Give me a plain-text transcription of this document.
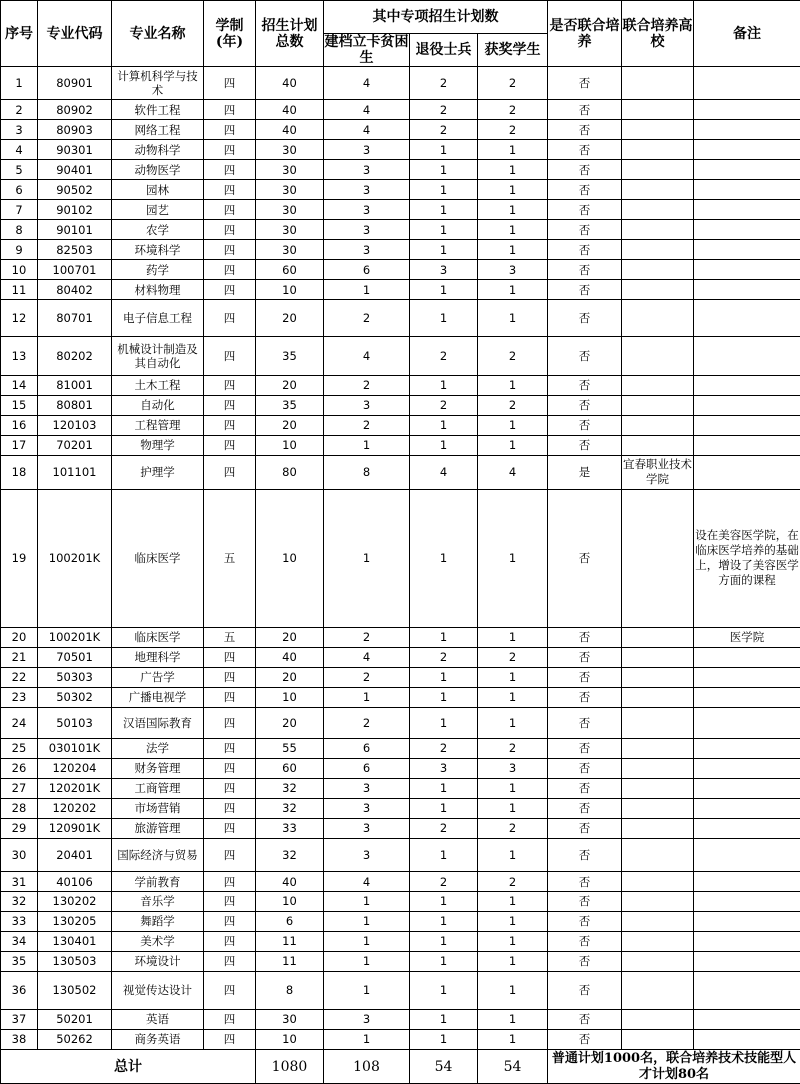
序号	专业代码	专业名称	学制(年)	招生计划总数	其中专项招生计划数			是否联合培养	联合培养高校	备注
					建档立卡贫困生	退役士兵	获奖学生			
1	80901	计算机科学与技术	四	40	4	2	2	否		
2	80902	软件工程	四	40	4	2	2	否		
3	80903	网络工程	四	40	4	2	2	否		
4	90301	动物科学	四	30	3	1	1	否		
5	90401	动物医学	四	30	3	1	1	否		
6	90502	园林	四	30	3	1	1	否		
7	90102	园艺	四	30	3	1	1	否		
8	90101	农学	四	30	3	1	1	否		
9	82503	环境科学	四	30	3	1	1	否		
10	100701	药学	四	60	6	3	3	否		
11	80402	材料物理	四	10	1	1	1	否		
12	80701	电子信息工程	四	20	2	1	1	否		
13	80202	机械设计制造及其自动化	四	35	4	2	2	否		
14	81001	土木工程	四	20	2	1	1	否		
15	80801	自动化	四	35	3	2	2	否		
16	120103	工程管理	四	20	2	1	1	否		
17	70201	物理学	四	10	1	1	1	否		
18	101101	护理学	四	80	8	4	4	是	宜春职业技术学院	
19	100201K	临床医学	五	10	1	1	1	否		设在美容医学院，在临床医学培养的基础上，增设了美容医学方面的课程
20	100201K	临床医学	五	20	2	1	1	否		医学院
21	70501	地理科学	四	40	4	2	2	否		
22	50303	广告学	四	20	2	1	1	否		
23	50302	广播电视学	四	10	1	1	1	否		
24	50103	汉语国际教育	四	20	2	1	1	否		
25	030101K	法学	四	55	6	2	2	否		
26	120204	财务管理	四	60	6	3	3	否		
27	120201K	工商管理	四	32	3	1	1	否		
28	120202	市场营销	四	32	3	1	1	否		
29	120901K	旅游管理	四	33	3	2	2	否		
30	20401	国际经济与贸易	四	32	3	1	1	否		
31	40106	学前教育	四	40	4	2	2	否		
32	130202	音乐学	四	10	1	1	1	否		
33	130205	舞蹈学	四	6	1	1	1	否		
34	130401	美术学	四	11	1	1	1	否		
35	130503	环境设计	四	11	1	1	1	否		
36	130502	视觉传达设计	四	8	1	1	1	否		
37	50201	英语	四	30	3	1	1	否		
38	50262	商务英语	四	10	1	1	1	否		
总计				1080	108	54	54	普通计划1000名，联合培养技术技能型人才计划80名		
